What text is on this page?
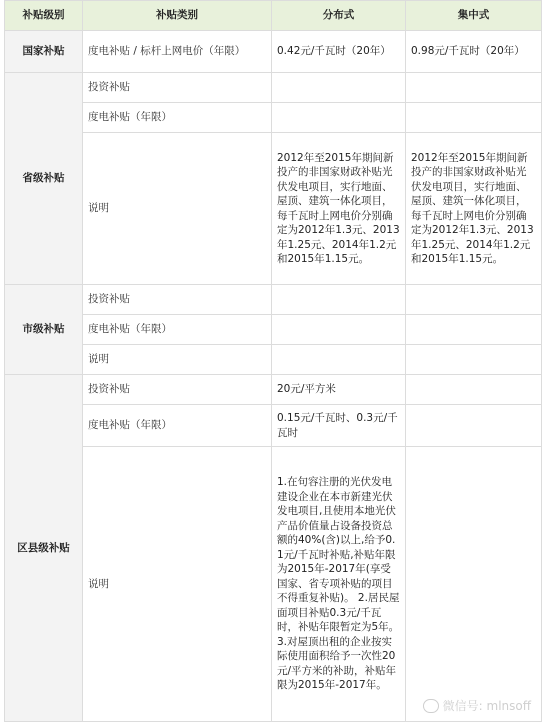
补贴级别	补贴类别	分布式	集中式
国家补贴	度电补贴 / 标杆上网电价（年限）	0.42元/千瓦时（20年）	0.98元/千瓦时（20年）
省级补贴	投资补贴		
	度电补贴（年限）		
	说明	2012年至2015年期间新投产的非国家财政补贴光伏发电项目，实行地面、屋顶、建筑一体化项目，每千瓦时上网电价分别确定为2012年1.3元、2013年1.25元、2014年1.2元和2015年1.15元。	2012年至2015年期间新投产的非国家财政补贴光伏发电项目，实行地面、屋顶、建筑一体化项目，每千瓦时上网电价分别确定为2012年1.3元、2013年1.25元、2014年1.2元和2015年1.15元。
市级补贴	投资补贴		
	度电补贴（年限）		
	说明		
区县级补贴	投资补贴	20元/平方米	
	度电补贴（年限）	0.15元/千瓦时、0.3元/千瓦时	
	说明	1.在句容注册的光伏发电建设企业在本市新建光伏发电项目,且使用本地光伏产品价值量占设备投资总额的40%(含)以上,给予0.1元/千瓦时补贴,补贴年限为2015年-2017年(享受国家、省专项补贴的项目不得重复补贴)。 2.居民屋面项目补贴0.3元/千瓦时，补贴年限暂定为5年。3.对屋顶出租的企业按实际使用面积给予一次性20元/平方米的补助，补贴年限为2015年-2017年。	
微信号: mlnsoff
